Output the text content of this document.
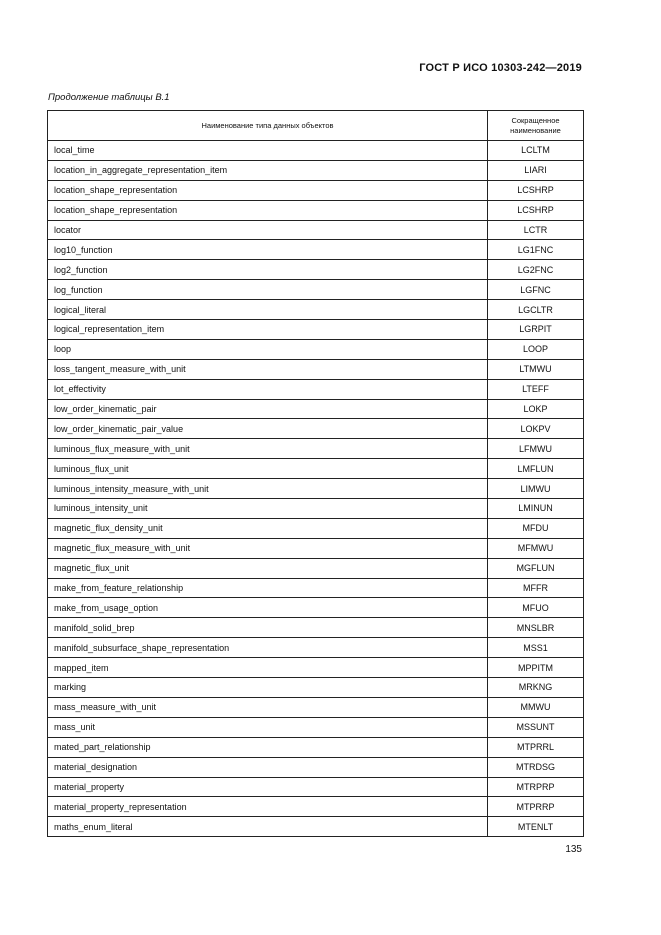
ГОСТ Р ИСО 10303-242—2019
Продолжение таблицы В.1
Наименование типа данных объектов	Сокращенное наименование
local_time	LCLTM
location_in_aggregate_representation_item	LIARI
location_shape_representation	LCSHRP
location_shape_representation	LCSHRP
locator	LCTR
log10_function	LG1FNC
log2_function	LG2FNC
log_function	LGFNC
logical_literal	LGCLTR
logical_representation_item	LGRPIT
loop	LOOP
loss_tangent_measure_with_unit	LTMWU
lot_effectivity	LTEFF
low_order_kinematic_pair	LOKP
low_order_kinematic_pair_value	LOKPV
luminous_flux_measure_with_unit	LFMWU
luminous_flux_unit	LMFLUN
luminous_intensity_measure_with_unit	LIMWU
luminous_intensity_unit	LMINUN
magnetic_flux_density_unit	MFDU
magnetic_flux_measure_with_unit	MFMWU
magnetic_flux_unit	MGFLUN
make_from_feature_relationship	MFFR
make_from_usage_option	MFUO
manifold_solid_brep	MNSLBR
manifold_subsurface_shape_representation	MSS1
mapped_item	MPPITM
marking	MRKNG
mass_measure_with_unit	MMWU
mass_unit	MSSUNT
mated_part_relationship	MTPRRL
material_designation	MTRDSG
material_property	MTRPRP
material_property_representation	MTPRRP
maths_enum_literal	MTENLT
135
